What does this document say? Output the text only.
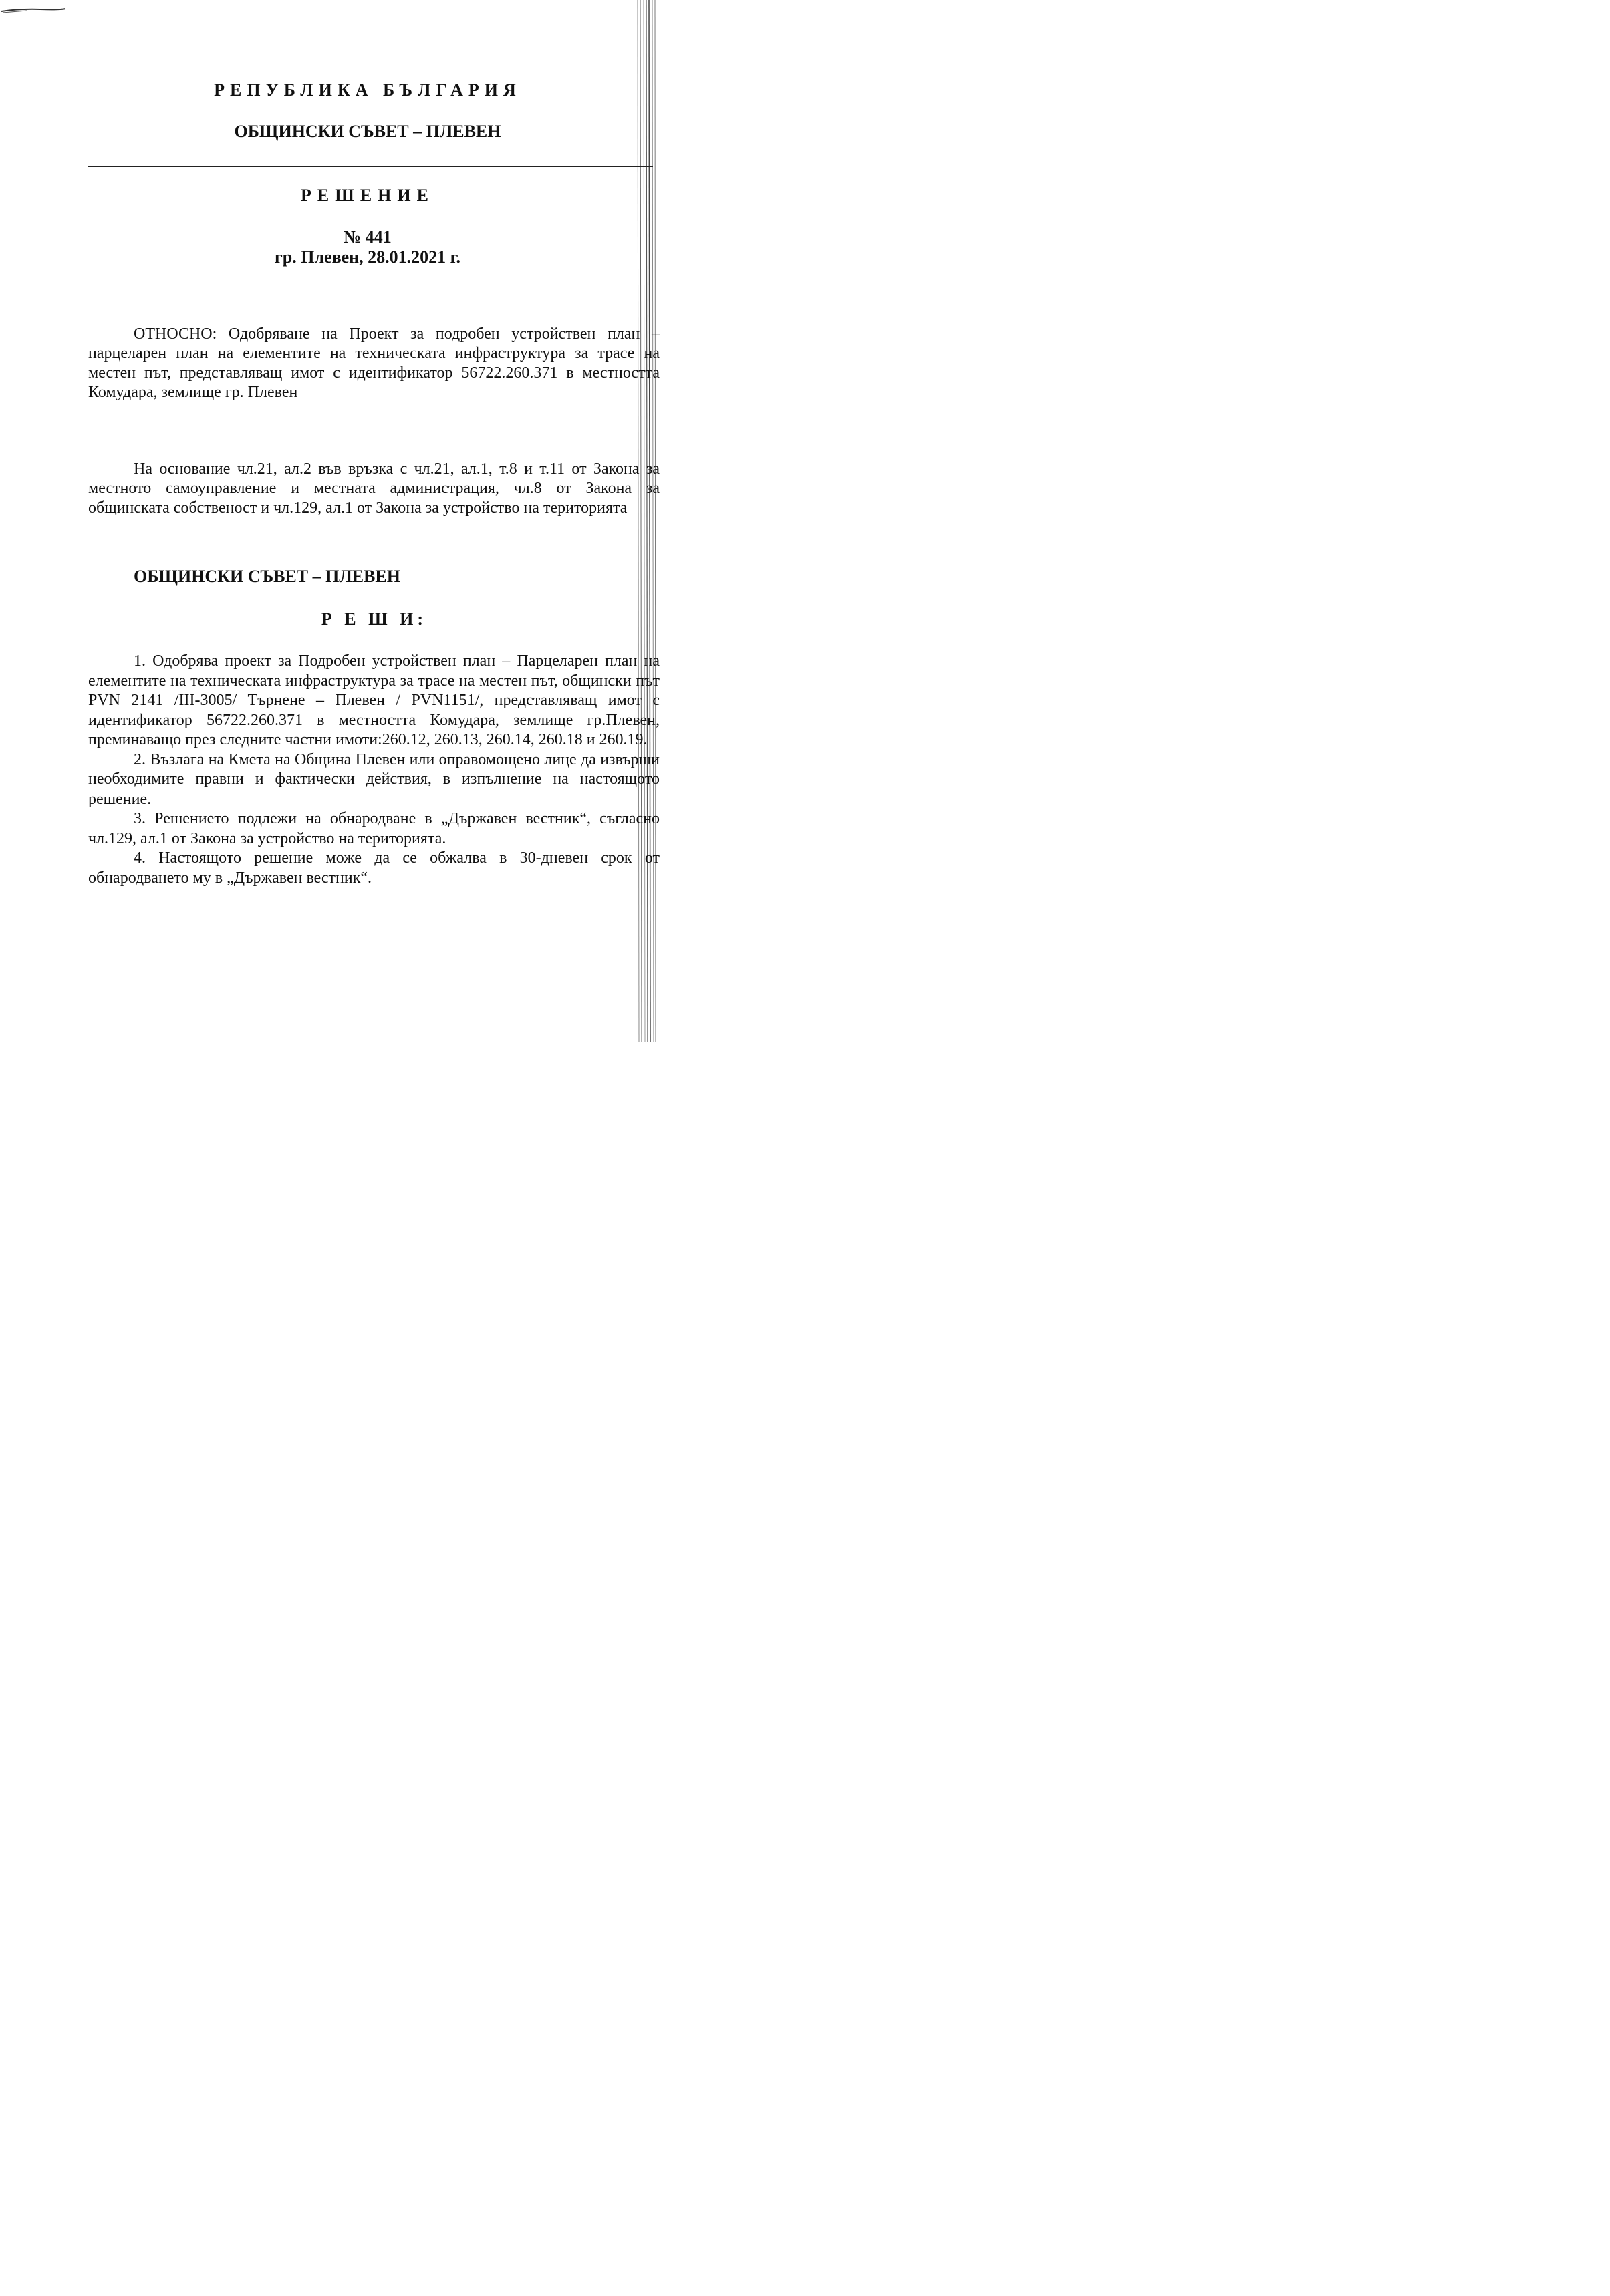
РЕПУБЛИКА БЪЛГАРИЯ
ОБЩИНСКИ СЪВЕТ – ПЛЕВЕН
РЕШЕНИЕ
№ 441
гр. Плевен, 28.01.2021 г.

ОТНОСНО: Одобряване на Проект за подробен устройствен план – парцеларен план на елементите на техническата инфраструктура за трасе на местен път, представляващ имот с идентификатор 56722.260.371 в местността Комудара, землище гр. Плевен

На основание чл.21, ал.2 във връзка с чл.21, ал.1, т.8 и т.11 от Закона за местното самоуправление и местната администрация, чл.8 от Закона за общинската собственост и чл.129, ал.1 от Закона за устройство на територията

ОБЩИНСКИ СЪВЕТ – ПЛЕВЕН
Р Е Ш И:

1. Одобрява проект за Подробен устройствен план – Парцеларен план на елементите на техническата инфраструктура за трасе на местен път, общински път PVN 2141 /III-3005/ Търнене – Плевен / PVN1151/, представляващ имот с идентификатор 56722.260.371 в местността Комудара, землище гр.Плевен, преминаващо през следните частни имоти:260.12, 260.13, 260.14, 260.18 и 260.19.

2. Възлага на Кмета на Община Плевен или оправомощено лице да извърши необходимите правни и фактически действия, в изпълнение на настоящото решение.

3. Решението подлежи на обнародване в „Държавен вестник“, съгласно чл.129, ал.1 от Закона за устройство на територията.

4. Настоящото решение може да се обжалва в 30-дневен срок от обнародването му в „Държавен вестник“.
